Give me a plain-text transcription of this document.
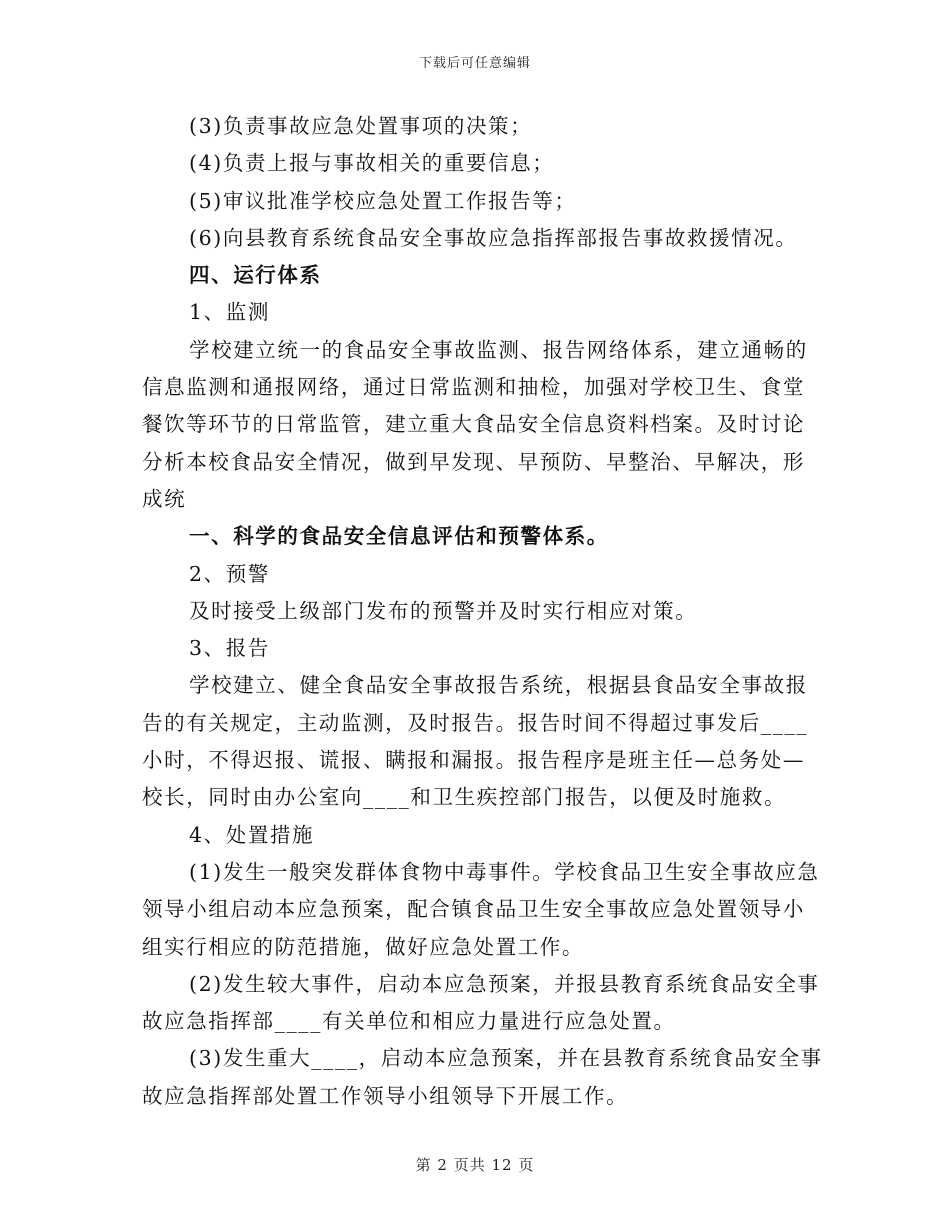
下载后可任意编辑
(3)负责事故应急处置事项的决策；
(4)负责上报与事故相关的重要信息；
(5)审议批准学校应急处置工作报告等；
(6)向县教育系统食品安全事故应急指挥部报告事故救援情况。
四、运行体系
1、监测
学校建立统一的食品安全事故监测、报告网络体系，建立通畅的
信息监测和通报网络，通过日常监测和抽检，加强对学校卫生、食堂
餐饮等环节的日常监管，建立重大食品安全信息资料档案。及时讨论
分析本校食品安全情况，做到早发现、早预防、早整治、早解决，形
成统
一、科学的食品安全信息评估和预警体系。
2、预警
及时接受上级部门发布的预警并及时实行相应对策。
3、报告
学校建立、健全食品安全事故报告系统，根据县食品安全事故报
告的有关规定，主动监测，及时报告。报告时间不得超过事发后____
小时，不得迟报、谎报、瞒报和漏报。报告程序是班主任—总务处—
校长，同时由办公室向____和卫生疾控部门报告，以便及时施救。
4、处置措施
(1)发生一般突发群体食物中毒事件。学校食品卫生安全事故应急
领导小组启动本应急预案，配合镇食品卫生安全事故应急处置领导小
组实行相应的防范措施，做好应急处置工作。
(2)发生较大事件，启动本应急预案，并报县教育系统食品安全事
故应急指挥部____有关单位和相应力量进行应急处置。
(3)发生重大____，启动本应急预案，并在县教育系统食品安全事
故应急指挥部处置工作领导小组领导下开展工作。
第 2 页共 12 页
